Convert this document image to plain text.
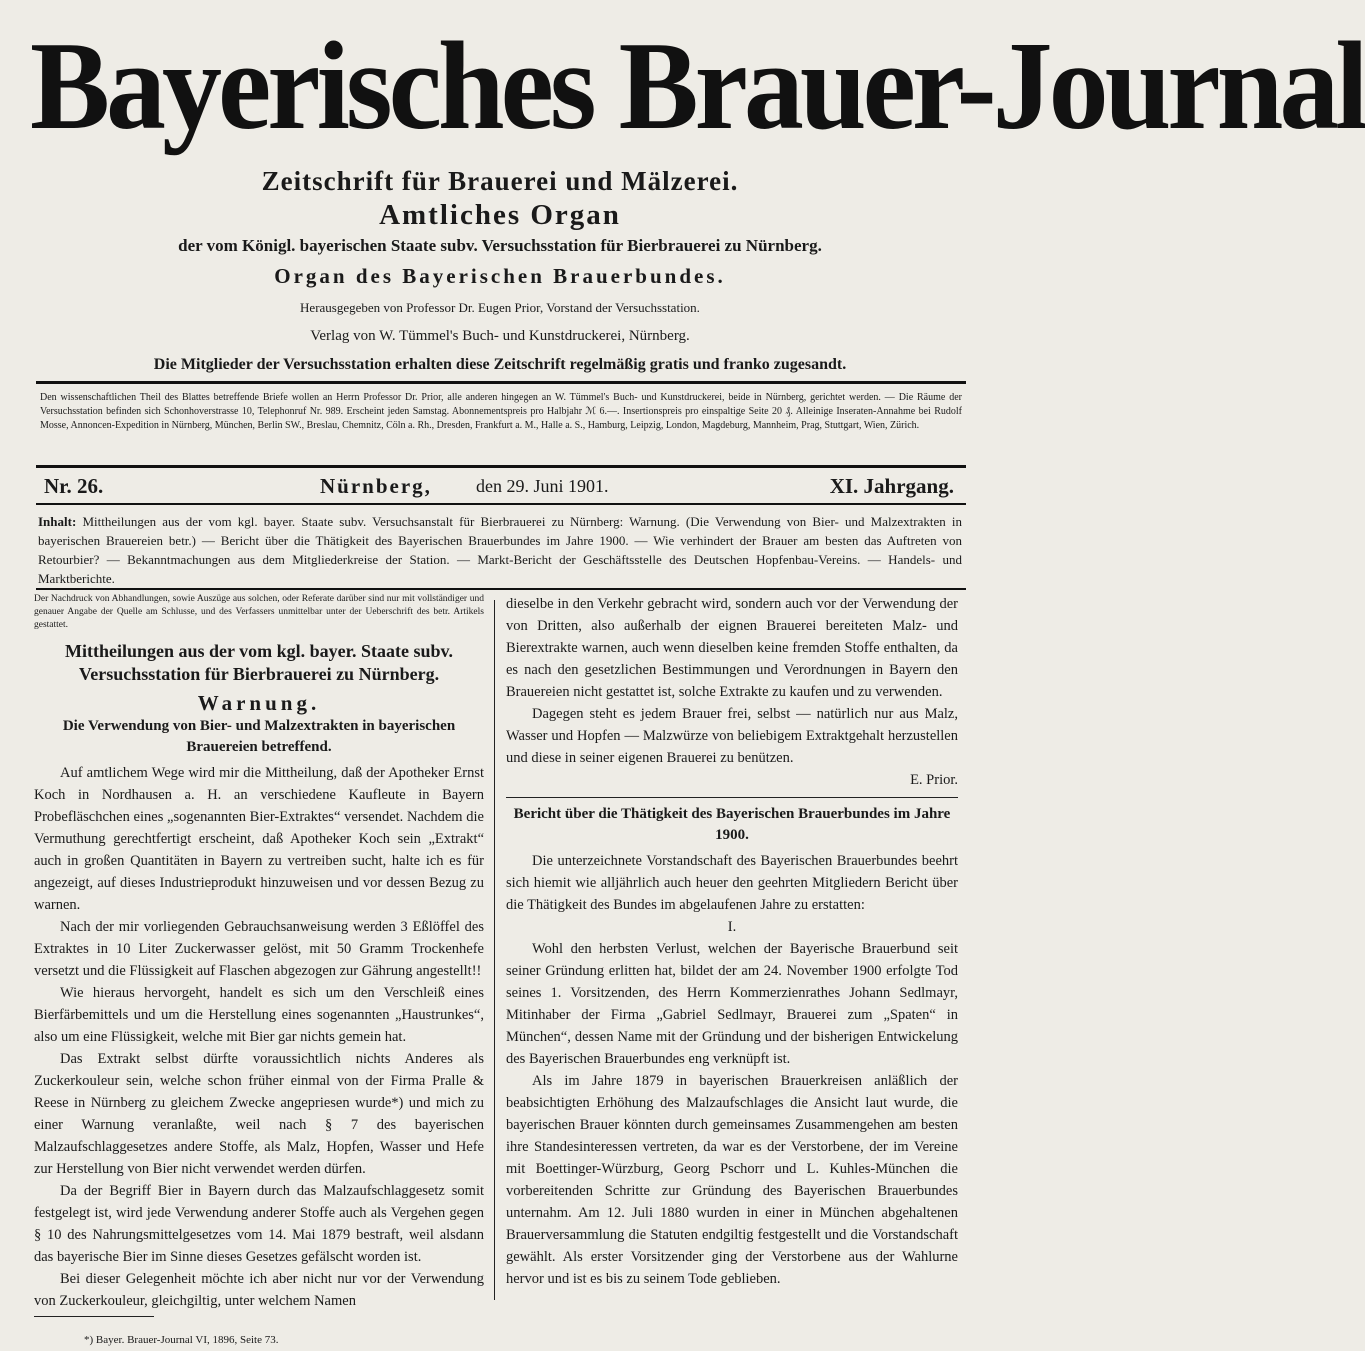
Bayerisches Brauer-Journal
Zeitschrift für Brauerei und Mälzerei.
Amtliches Organ
der vom Königl. bayerischen Staate subv. Versuchsstation für Bierbrauerei zu Nürnberg.
Organ des Bayerischen Brauerbundes.
Herausgegeben von Professor Dr. Eugen Prior, Vorstand der Versuchsstation.
Verlag von W. Tümmel's Buch- und Kunstdruckerei, Nürnberg.
Die Mitglieder der Versuchsstation erhalten diese Zeitschrift regelmäßig gratis und franko zugesandt.
Den wissenschaftlichen Theil des Blattes betreffende Briefe wollen an Herrn Professor Dr. Prior, alle anderen hingegen an W. Tümmel's Buch- und Kunstdruckerei, beide in Nürnberg, gerichtet werden. — Die Räume der Versuchsstation befinden sich Schonhoverstrasse 10, Telephonruf Nr. 989. Erscheint jeden Samstag. Abonnementspreis pro Halbjahr ℳ 6.—. Insertionspreis pro einspaltige Seite 20 ₰. Alleinige Inseraten-Annahme bei Rudolf Mosse, Annoncen-Expedition in Nürnberg, München, Berlin SW., Breslau, Chemnitz, Cöln a. Rh., Dresden, Frankfurt a. M., Halle a. S., Hamburg, Leipzig, London, Magdeburg, Mannheim, Prag, Stuttgart, Wien, Zürich.
Nr. 26.	Nürnberg, den 29. Juni 1901.	XI. Jahrgang.
Inhalt: Mittheilungen aus der vom kgl. bayer. Staate subv. Versuchsanstalt für Bierbrauerei zu Nürnberg: Warnung. (Die Verwendung von Bier- und Malzextrakten in bayerischen Brauereien betr.) — Bericht über die Thätigkeit des Bayerischen Brauerbundes im Jahre 1900. — Wie verhindert der Brauer am besten das Auftreten von Retourbier? — Bekanntmachungen aus dem Mitgliederkreise der Station. — Markt-Bericht der Geschäftsstelle des Deutschen Hopfenbau-Vereins. — Handels- und Marktberichte.
Der Nachdruck von Abhandlungen, sowie Auszüge aus solchen, oder Referate darüber sind nur mit vollständiger und genauer Angabe der Quelle am Schlusse, und des Verfassers unmittelbar unter der Ueberschrift des betr. Artikels gestattet.
Mittheilungen aus der vom kgl. bayer. Staate subv. Versuchsstation für Bierbrauerei zu Nürnberg.
Warnung.
Die Verwendung von Bier- und Malzextrakten in bayerischen Brauereien betreffend.

Auf amtlichem Wege wird mir die Mittheilung, daß der Apotheker Ernst Koch in Nordhausen a. H. an verschiedene Kaufleute in Bayern Probefläschchen eines „sogenannten Bier-Extraktes“ versendet. Nachdem die Vermuthung gerechtfertigt erscheint, daß Apotheker Koch sein „Extrakt“ auch in großen Quantitäten in Bayern zu vertreiben sucht, halte ich es für angezeigt, auf dieses Industrieprodukt hinzuweisen und vor dessen Bezug zu warnen.

Nach der mir vorliegenden Gebrauchsanweisung werden 3 Eßlöffel des Extraktes in 10 Liter Zuckerwasser gelöst, mit 50 Gramm Trockenhefe versetzt und die Flüssigkeit auf Flaschen abgezogen zur Gährung angestellt!!

Wie hieraus hervorgeht, handelt es sich um den Verschleiß eines Bierfärbemittels und um die Herstellung eines sogenannten „Haustrunkes“, also um eine Flüssigkeit, welche mit Bier gar nichts gemein hat.

Das Extrakt selbst dürfte voraussichtlich nichts Anderes als Zuckerkouleur sein, welche schon früher einmal von der Firma Pralle & Reese in Nürnberg zu gleichem Zwecke angepriesen wurde*) und mich zu einer Warnung veranlaßte, weil nach § 7 des bayerischen Malzaufschlaggesetzes andere Stoffe, als Malz, Hopfen, Wasser und Hefe zur Herstellung von Bier nicht verwendet werden dürfen.

Da der Begriff Bier in Bayern durch das Malzaufschlaggesetz somit festgelegt ist, wird jede Verwendung anderer Stoffe auch als Vergehen gegen § 10 des Nahrungsmittelgesetzes vom 14. Mai 1879 bestraft, weil alsdann das bayerische Bier im Sinne dieses Gesetzes gefälscht worden ist.

Bei dieser Gelegenheit möchte ich aber nicht nur vor der Verwendung von Zuckerkouleur, gleichgiltig, unter welchem Namen

*) Bayer. Brauer-Journal VI, 1896, Seite 73.

dieselbe in den Verkehr gebracht wird, sondern auch vor der Verwendung der von Dritten, also außerhalb der eignen Brauerei bereiteten Malz- und Bierextrakte warnen, auch wenn dieselben keine fremden Stoffe enthalten, da es nach den gesetzlichen Bestimmungen und Verordnungen in Bayern den Brauereien nicht gestattet ist, solche Extrakte zu kaufen und zu verwenden.

Dagegen steht es jedem Brauer frei, selbst — natürlich nur aus Malz, Wasser und Hopfen — Malzwürze von beliebigem Extraktgehalt herzustellen und diese in seiner eigenen Brauerei zu benützen.

E. Prior.
Bericht über die Thätigkeit des Bayerischen Brauerbundes im Jahre 1900.

Die unterzeichnete Vorstandschaft des Bayerischen Brauerbundes beehrt sich hiemit wie alljährlich auch heuer den geehrten Mitgliedern Bericht über die Thätigkeit des Bundes im abgelaufenen Jahre zu erstatten:

I.

Wohl den herbsten Verlust, welchen der Bayerische Brauerbund seit seiner Gründung erlitten hat, bildet der am 24. November 1900 erfolgte Tod seines 1. Vorsitzenden, des Herrn Kommerzienrathes Johann Sedlmayr, Mitinhaber der Firma „Gabriel Sedlmayr, Brauerei zum „Spaten“ in München“, dessen Name mit der Gründung und der bisherigen Entwickelung des Bayerischen Brauerbundes eng verknüpft ist.

Als im Jahre 1879 in bayerischen Brauerkreisen anläßlich der beabsichtigten Erhöhung des Malzaufschlages die Ansicht laut wurde, die bayerischen Brauer könnten durch gemeinsames Zusammengehen am besten ihre Standesinteressen vertreten, da war es der Verstorbene, der im Vereine mit Boettinger-Würzburg, Georg Pschorr und L. Kuhles-München die vorbereitenden Schritte zur Gründung des Bayerischen Brauerbundes unternahm. Am 12. Juli 1880 wurden in einer in München abgehaltenen Brauerversammlung die Statuten endgiltig festgestellt und die Vorstandschaft gewählt. Als erster Vorsitzender ging der Verstorbene aus der Wahlurne hervor und ist es bis zu seinem Tode geblieben.
